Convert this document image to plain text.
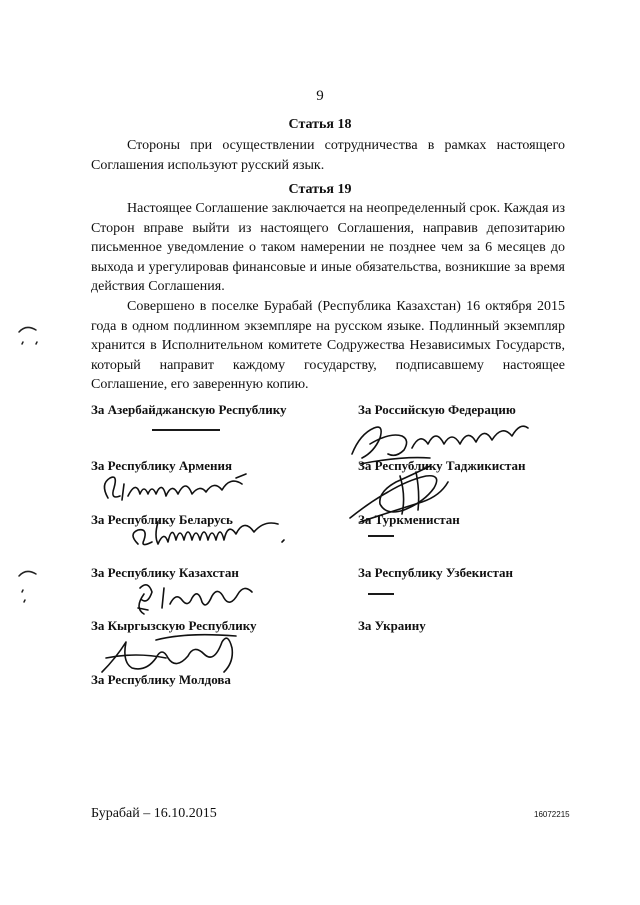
9
Статья 18
Стороны при осуществлении сотрудничества в рамках настоящего Соглашения используют русский язык.
Статья 19
Настоящее Соглашение заключается на неопределенный срок. Каждая из Сторон вправе выйти из настоящего Соглашения, направив депозитарию письменное уведомление о таком намерении не позднее чем за 6 месяцев до выхода и урегулировав финансовые и иные обязательства, возникшие за время действия Соглашения.
Совершено в поселке Бурабай (Республика Казахстан) 16 октября 2015 года в одном подлинном экземпляре на русском языке. Подлинный экземпляр хранится в Исполнительном комитете Содружества Независимых Государств, который направит каждому государству, подписавшему настоящее Соглашение, его заверенную копию.
За Азербайджанскую Республику
За Республику Армения
За Республику Беларусь
За Республику Казахстан
За Кыргызскую Республику
За Республику Молдова
За Российскую Федерацию
За Республику Таджикистан
За Туркменистан
За Республику Узбекистан
За Украину
Бурабай – 16.10.2015	16072215
